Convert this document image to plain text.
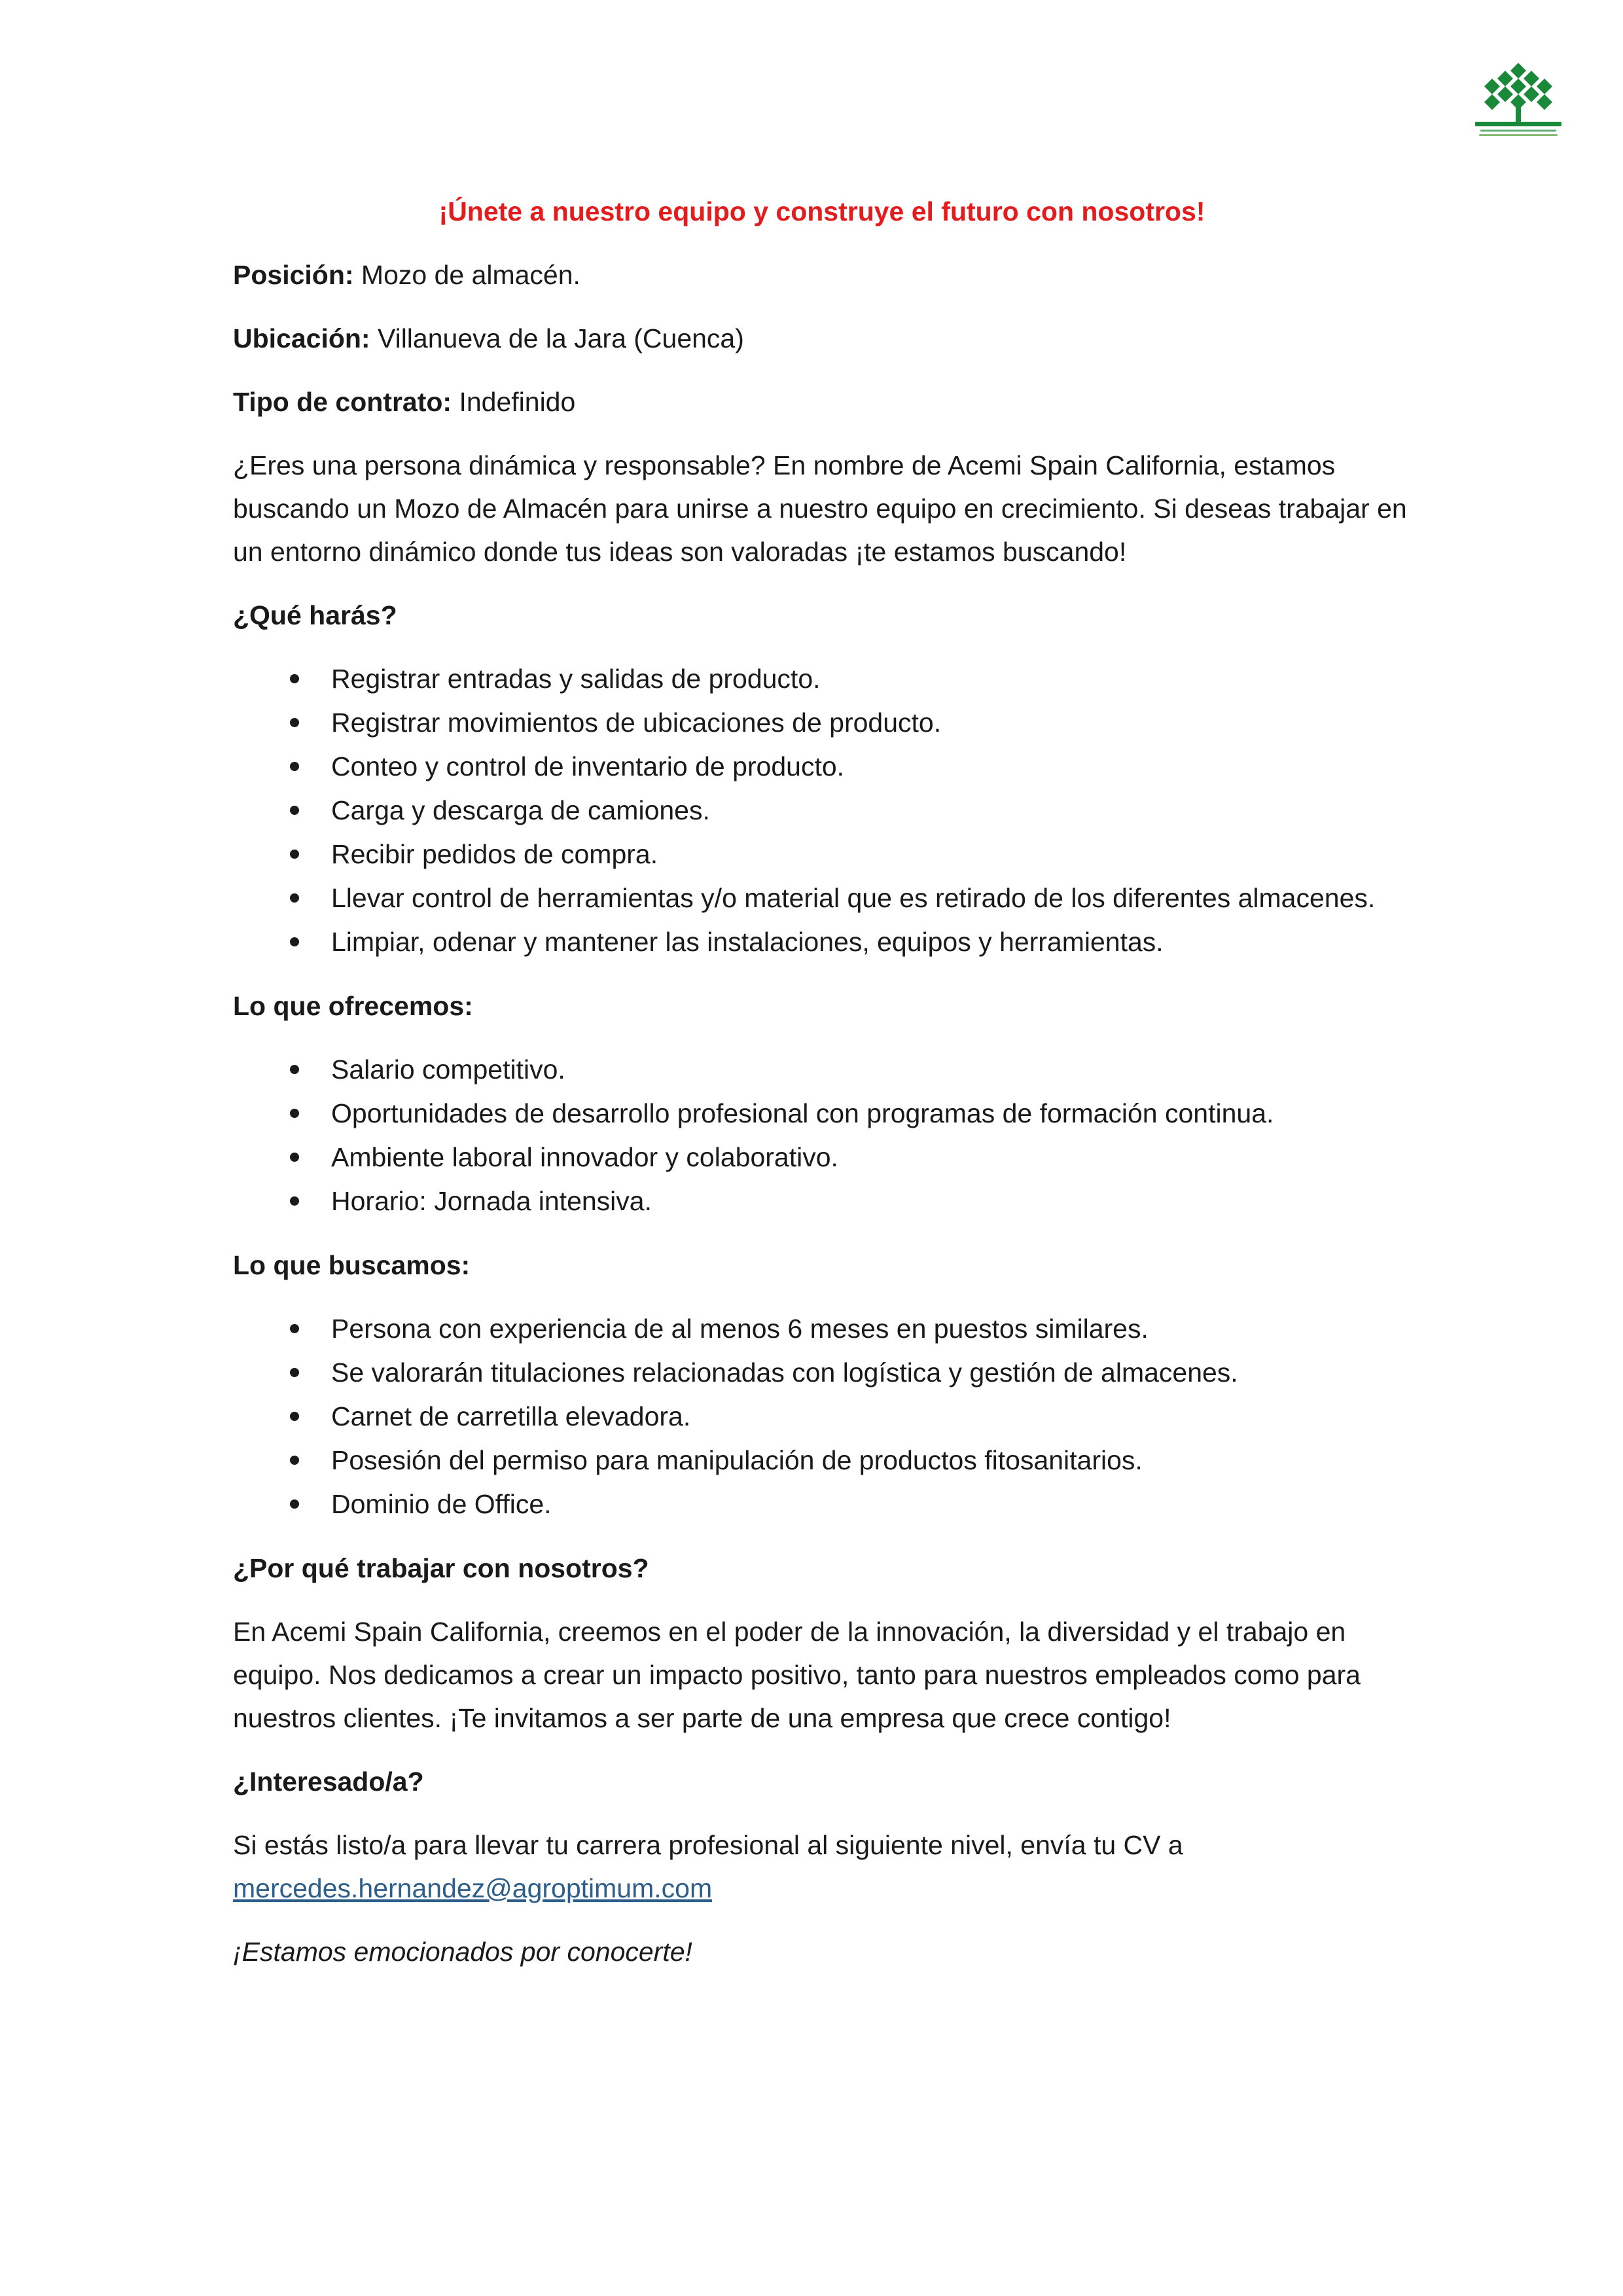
¡Únete a nuestro equipo y construye el futuro con nosotros!

Posición: Mozo de almacén.

Ubicación: Villanueva de la Jara (Cuenca)

Tipo de contrato: Indefinido

¿Eres una persona dinámica y responsable? En nombre de Acemi Spain California, estamos buscando un Mozo de Almacén para unirse a nuestro equipo en crecimiento. Si deseas trabajar en un entorno dinámico donde tus ideas son valoradas ¡te estamos buscando!

¿Qué harás?
Registrar entradas y salidas de producto.
Registrar movimientos de ubicaciones de producto.
Conteo y control de inventario de producto.
Carga y descarga de camiones.
Recibir pedidos de compra.
Llevar control de herramientas y/o material que es retirado de los diferentes almacenes.
Limpiar, odenar y mantener las instalaciones, equipos y herramientas.
Lo que ofrecemos:
Salario competitivo.
Oportunidades de desarrollo profesional con programas de formación continua.
Ambiente laboral innovador y colaborativo.
Horario: Jornada intensiva.
Lo que buscamos:
Persona con experiencia de al menos 6 meses en puestos similares.
Se valorarán titulaciones relacionadas con logística y gestión de almacenes.
Carnet de carretilla elevadora.
Posesión del permiso para manipulación de productos fitosanitarios.
Dominio de Office.
¿Por qué trabajar con nosotros?

En Acemi Spain California, creemos en el poder de la innovación, la diversidad y el trabajo en equipo. Nos dedicamos a crear un impacto positivo, tanto para nuestros empleados como para nuestros clientes. ¡Te invitamos a ser parte de una empresa que crece contigo!

¿Interesado/a?

Si estás listo/a para llevar tu carrera profesional al siguiente nivel, envía tu CV a
mercedes.hernandez@agroptimum.com

¡Estamos emocionados por conocerte!
